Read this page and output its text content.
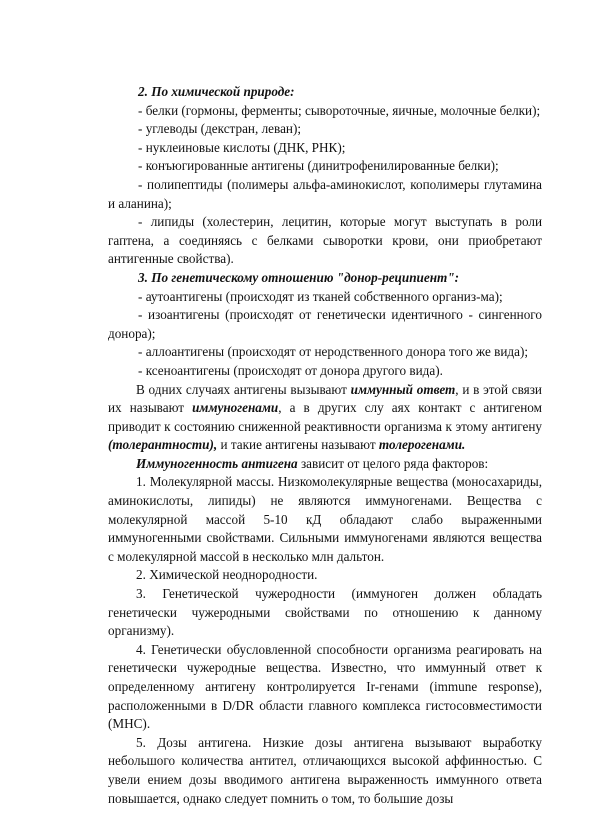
2. По химической природе:

- белки (гормоны, ферменты; сывороточные, яичные, молочные белки);

- углеводы (декстран, леван);

- нуклеиновые кислоты (ДНК, РНК);

- конъюгированные антигены (динитрофенилированные белки);

- полипептиды (полимеры альфа-аминокислот, кополимеры глутамина и аланина);

- липиды (холестерин, лецитин, которые могут выступать в роли гаптена, а соединяясь с белками сыворотки крови, они приобретают антигенные свойства).

3. По генетическому отношению "донор-реципиент":

- аутоантигены (происходят из тканей собственного организ-ма);

- изоантигены (происходят от генетически идентичного - сингенного донора);

- аллоантигены (происходят от неродственного донора того же вида);

- ксеноантигены (происходят от донора другого вида).

В одних случаях антигены вызывают иммунный ответ, и в этой связи их называют иммуногенами, а в других слу аях контакт с антигеном приводит к состоянию сниженной реактивности организма к этому антигену (толерантности), и такие антигены называют толерогенами.

Иммуногенность антигена зависит от целого ряда факторов:

1. Молекулярной массы. Низкомолекулярные вещества (моносахариды, аминокислоты, липиды) не являются иммуногенами. Вещества с молекулярной массой 5-10 кД обладают слабо выраженными иммуногенными свойствами. Сильными иммуногенами являются вещества с молекулярной массой в несколько млн дальтон.

2. Химической неоднородности.

3. Генетической чужеродности (иммуноген должен обладать генетически чужеродными свойствами по отношению к данному организму).

4. Генетически обусловленной способности организма реагировать на генетически чужеродные вещества. Известно, что иммунный ответ к определенному антигену контролируется Ir-генами (immune response), расположенными в D/DR области главного комплекса гистосовместимости (МНС).

5. Дозы антигена. Низкие дозы антигена вызывают выработку небольшого количества антител, отличающихся высокой аффинностью. С увели ением дозы вводимого антигена выраженность иммунного ответа повышается, однако следует помнить о том, то большие дозы
